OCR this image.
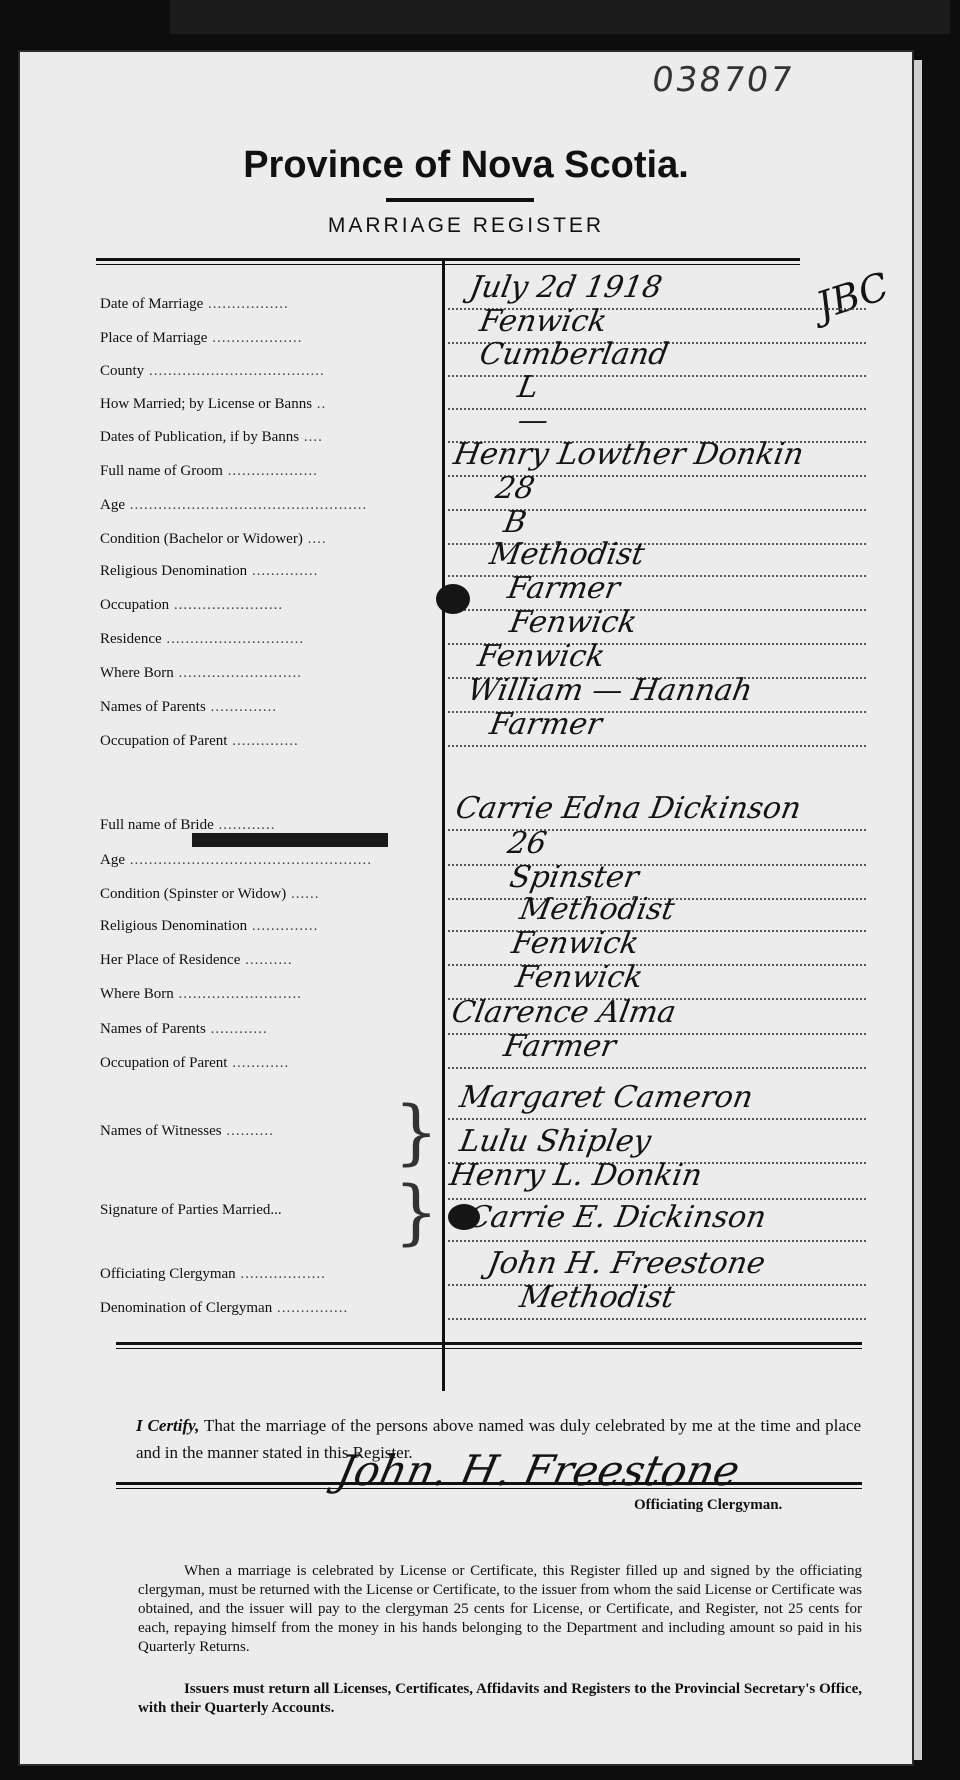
038707
Province of Nova Scotia.
MARRIAGE REGISTER
JBC
Date of Marriage .................	July 2d 1918
Place of Marriage ...................	Fenwick
County .....................................	Cumberland
How Married; by License or Banns ..	L
Dates of Publication, if by Banns ....	—
Full name of Groom ...................	Henry Lowther Donkin
Age ..................................................	28
Condition (Bachelor or Widower) ....	B
Religious Denomination ..............	Methodist
Occupation .......................	Farmer
Residence .............................	Fenwick
Where Born ..........................	Fenwick
Names of Parents ..............	William — Hannah
Occupation of Parent ..............	Farmer
Full name of Bride ............	Carrie Edna Dickinson
Age ...................................................	26
Condition (Spinster or Widow) ......	Spinster
Religious Denomination ..............	Methodist
Her Place of Residence ..........	Fenwick
Where Born ..........................	Fenwick
Names of Parents ............	Clarence Alma
Occupation of Parent ............	Farmer
}
}
Names of Witnesses ..........
Margaret Cameron
Lulu Shipley
Signature of Parties Married...
Henry L. Donkin
Carrie E. Dickinson
Officiating Clergyman ..................	John H. Freestone
Denomination of Clergyman ...............	Methodist
I Certify, That the marriage of the persons above named was duly celebrated by me at the time and place and in the manner stated in this Register.
John. H. Freestone
Officiating Clergyman.
When a marriage is celebrated by License or Certificate, this Register filled up and signed by the officiating clergyman, must be returned with the License or Certificate, to the issuer from whom the said License or Certificate was obtained, and the issuer will pay to the clergyman 25 cents for License, or Certificate, and Register, not 25 cents for each, repaying himself from the money in his hands belonging to the Department and including amount so paid in his Quarterly Returns.
Issuers must return all Licenses, Certificates, Affidavits and Registers to the Provincial Secretary's Office, with their Quarterly Accounts.
